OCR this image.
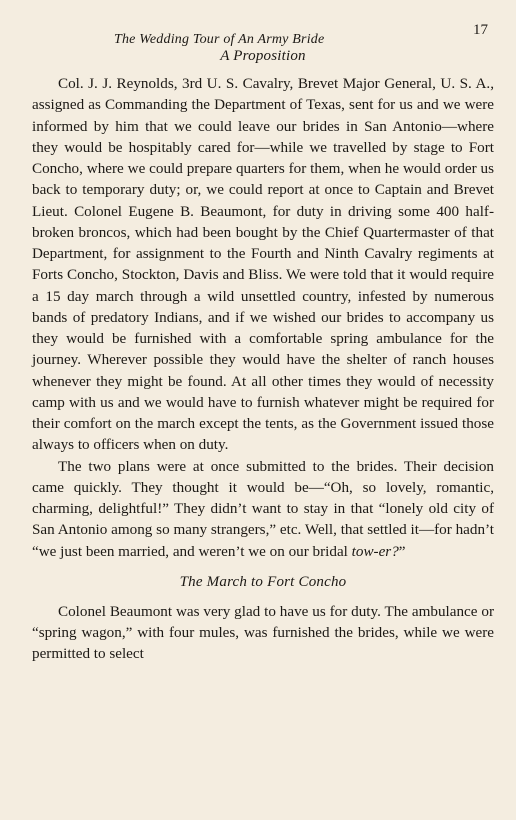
The Wedding Tour of An Army Bride
17
A Proposition

Col. J. J. Reynolds, 3rd U. S. Cavalry, Brevet Major General, U. S. A., assigned as Commanding the Department of Texas, sent for us and we were informed by him that we could leave our brides in San Antonio—where they would be hospitably cared for—while we travelled by stage to Fort Concho, where we could prepare quarters for them, when he would order us back to temporary duty; or, we could report at once to Captain and Brevet Lieut. Colonel Eugene B. Beaumont, for duty in driving some 400 half-broken broncos, which had been bought by the Chief Quartermaster of that Department, for assignment to the Fourth and Ninth Cavalry regiments at Forts Concho, Stockton, Davis and Bliss. We were told that it would require a 15 day march through a wild unsettled country, infested by numerous bands of predatory Indians, and if we wished our brides to accompany us they would be furnished with a comfortable spring ambulance for the journey. Wherever possible they would have the shelter of ranch houses whenever they might be found. At all other times they would of necessity camp with us and we would have to furnish whatever might be required for their comfort on the march except the tents, as the Government issued those always to officers when on duty.

The two plans were at once submitted to the brides. Their decision came quickly. They thought it would be—“Oh, so lovely, romantic, charming, delightful!” They didn’t want to stay in that “lonely old city of San Antonio among so many strangers,” etc. Well, that settled it—for hadn’t “we just been married, and weren’t we on our bridal tow-er?”

The March to Fort Concho

Colonel Beaumont was very glad to have us for duty. The ambulance or “spring wagon,” with four mules, was furnished the brides, while we were permitted to select
